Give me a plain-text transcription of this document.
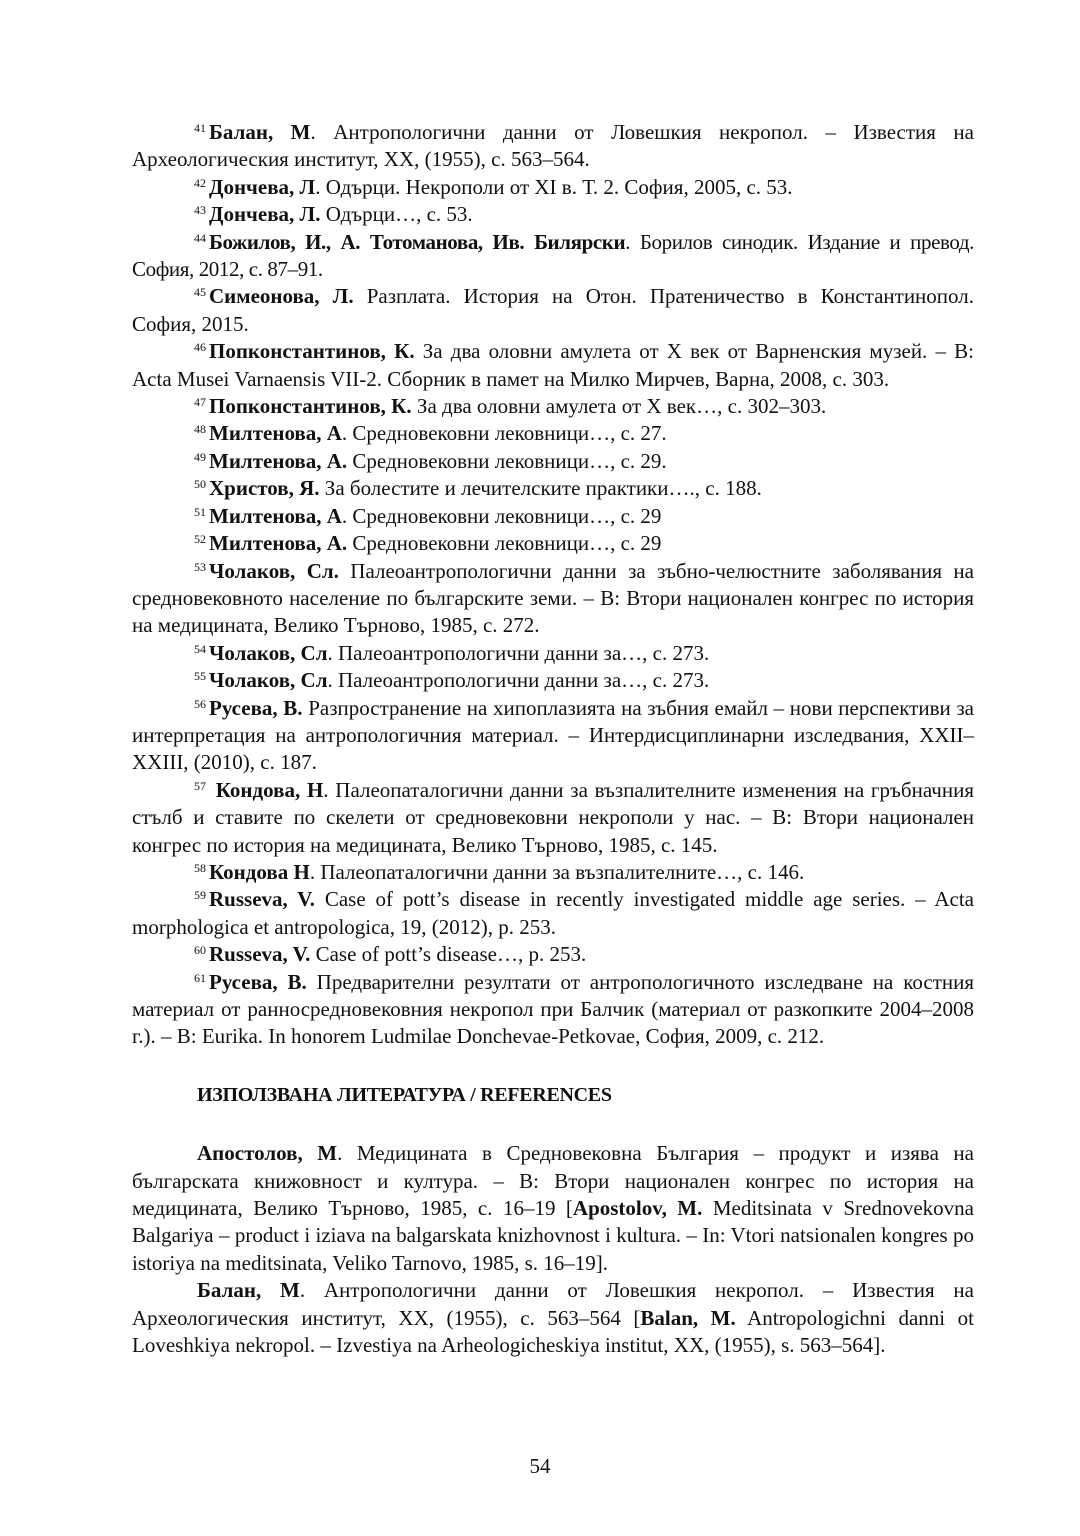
$^{41}$ Балан, М. Антропологични данни от Ловешкия некропол. – Известия на Археологическия институт, XX, (1955), с. 563–564.

$^{42}$ Дончева, Л. Одърци. Некрополи от XI в. Т. 2. София, 2005, с. 53.

$^{43}$ Дончева, Л. Одърци…, с. 53.

$^{44}$ Божилов, И., А. Тотоманова, Ив. Билярски. Борилов синодик. Издание и превод. София, 2012, с. 87–91.

$^{45}$ Симеонова, Л. Разплата. История на Отон. Пратеничество в Константинопол. София, 2015.

$^{46}$ Попконстантинов, К. За два оловни амулета от X век от Варненския музей. – В: Acta Musei Varnaensis VII-2. Сборник в памет на Милко Мирчев, Варна, 2008, с. 303.

$^{47}$ Попконстантинов, К. За два оловни амулета от X век…, с. 302–303.

$^{48}$ Милтенова, А. Средновековни лековници…, с. 27.

$^{49}$ Милтенова, А. Средновековни лековници…, с. 29.

$^{50}$ Христов, Я. За болестите и лечителските практики…., с. 188.

$^{51}$ Милтенова, А. Средновековни лековници…, с. 29

$^{52}$ Милтенова, А. Средновековни лековници…, с. 29

$^{53}$ Чолаков, Сл. Палеоантропологични данни за зъбно-челюстните заболявания на средновековното население по българските земи. – В: Втори национален конгрес по история на медицината, Велико Търново, 1985, с. 272.

$^{54}$ Чолаков, Сл. Палеоантропологични данни за…, с. 273.

$^{55}$ Чолаков, Сл. Палеоантропологични данни за…, с. 273.

$^{56}$ Русева, В. Разпространение на хипоплазията на зъбния емайл – нови перспективи за интерпретация на антропологичния материал. – Интердисциплинарни изследвания, XXII–XXIII, (2010), с. 187.

$^{57}$ Кондова, Н. Палеопаталогични данни за възпалителните изменения на гръбначния стълб и ставите по скелети от средновековни некрополи у нас. – В: Втори национален конгрес по история на медицината, Велико Търново, 1985, с. 145.

$^{58}$ Кондова Н. Палеопаталогични данни за възпалителните…, с. 146.

$^{59}$ Russeva, V. Case of pott’s disease in recently investigated middle age series. – Acta morphologica et antropologica, 19, (2012), p. 253.

$^{60}$ Russeva, V. Case of pott’s disease…, p. 253.

$^{61}$ Русева, В. Предварителни резултати от антропологичното изследване на костния материал от ранносредновековния некропол при Балчик (материал от разкопките 2004–2008 г.). – В: Eurika. In honorem Ludmilae Donchevae-Petkovae, София, 2009, с. 212.

ИЗПОЛЗВАНА ЛИТЕРАТУРА / REFERENCES

Апостолов, М. Медицината в Средновековна България – продукт и изява на българската книжовност и култура. – В: Втори национален конгрес по история на медицината, Велико Търново, 1985, с. 16–19 [Apostolov, M. Meditsinata v Srednovekovna Balgariya – product i iziava na balgarskata knizhovnost i kultura. – In: Vtori natsionalen kongres po istoriya na meditsinata, Veliko Tarnovo, 1985, s. 16–19].

Балан, М. Антропологични данни от Ловешкия некропол. – Известия на Археологическия институт, XX, (1955), с. 563–564 [Balan, M. Antropologichni danni ot Loveshkiya nekropol. – Izvestiya na Arheologicheskiya institut, XX, (1955), s. 563–564].

54
